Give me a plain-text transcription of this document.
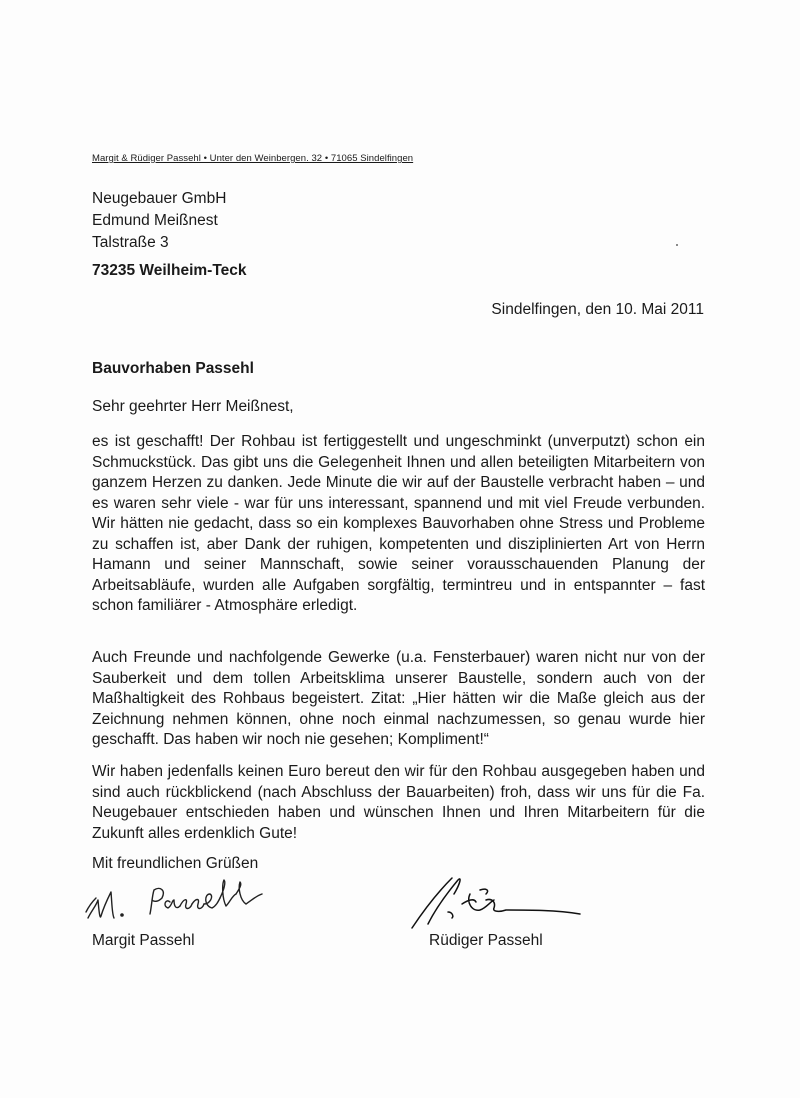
Margit & Rüdiger Passehl • Unter den Weinbergen. 32 • 71065 Sindelfingen
Neugebauer GmbH
Edmund Meißnest
Talstraße 3
73235 Weilheim-Teck
Sindelfingen, den 10. Mai 2011
Bauvorhaben Passehl
Sehr geehrter Herr Meißnest,
es ist geschafft! Der Rohbau ist fertiggestellt und ungeschminkt (unverputzt) schon ein Schmuckstück. Das gibt uns die Gelegenheit Ihnen und allen beteiligten Mitarbeitern von ganzem Herzen zu danken. Jede Minute die wir auf der Baustelle verbracht haben – und es waren sehr viele - war für uns interessant, spannend und mit viel Freude verbunden. Wir hätten nie gedacht, dass so ein komplexes Bauvorhaben ohne Stress und Probleme zu schaffen ist, aber Dank der ruhigen, kompetenten und disziplinierten Art von Herrn Hamann und seiner Mannschaft, sowie seiner vorausschauenden Planung der Arbeitsabläufe, wurden alle Aufgaben sorgfältig, termintreu und in entspannter – fast schon familiärer - Atmosphäre erledigt.
Auch Freunde und nachfolgende Gewerke (u.a. Fensterbauer) waren nicht nur von der Sauberkeit und dem tollen Arbeitsklima unserer Baustelle, sondern auch von der Maßhaltigkeit des Rohbaus begeistert. Zitat: „Hier hätten wir die Maße gleich aus der Zeichnung nehmen können, ohne noch einmal nachzumessen, so genau wurde hier geschafft. Das haben wir noch nie gesehen; Kompliment!“
Wir haben jedenfalls keinen Euro bereut den wir für den Rohbau ausgegeben haben und sind auch rückblickend (nach Abschluss der Bauarbeiten) froh, dass wir uns für die Fa. Neugebauer entschieden haben und wünschen Ihnen und Ihren Mitarbeitern für die Zukunft alles erdenklich Gute!
Mit freundlichen Grüßen
Margit Passehl	Rüdiger Passehl
